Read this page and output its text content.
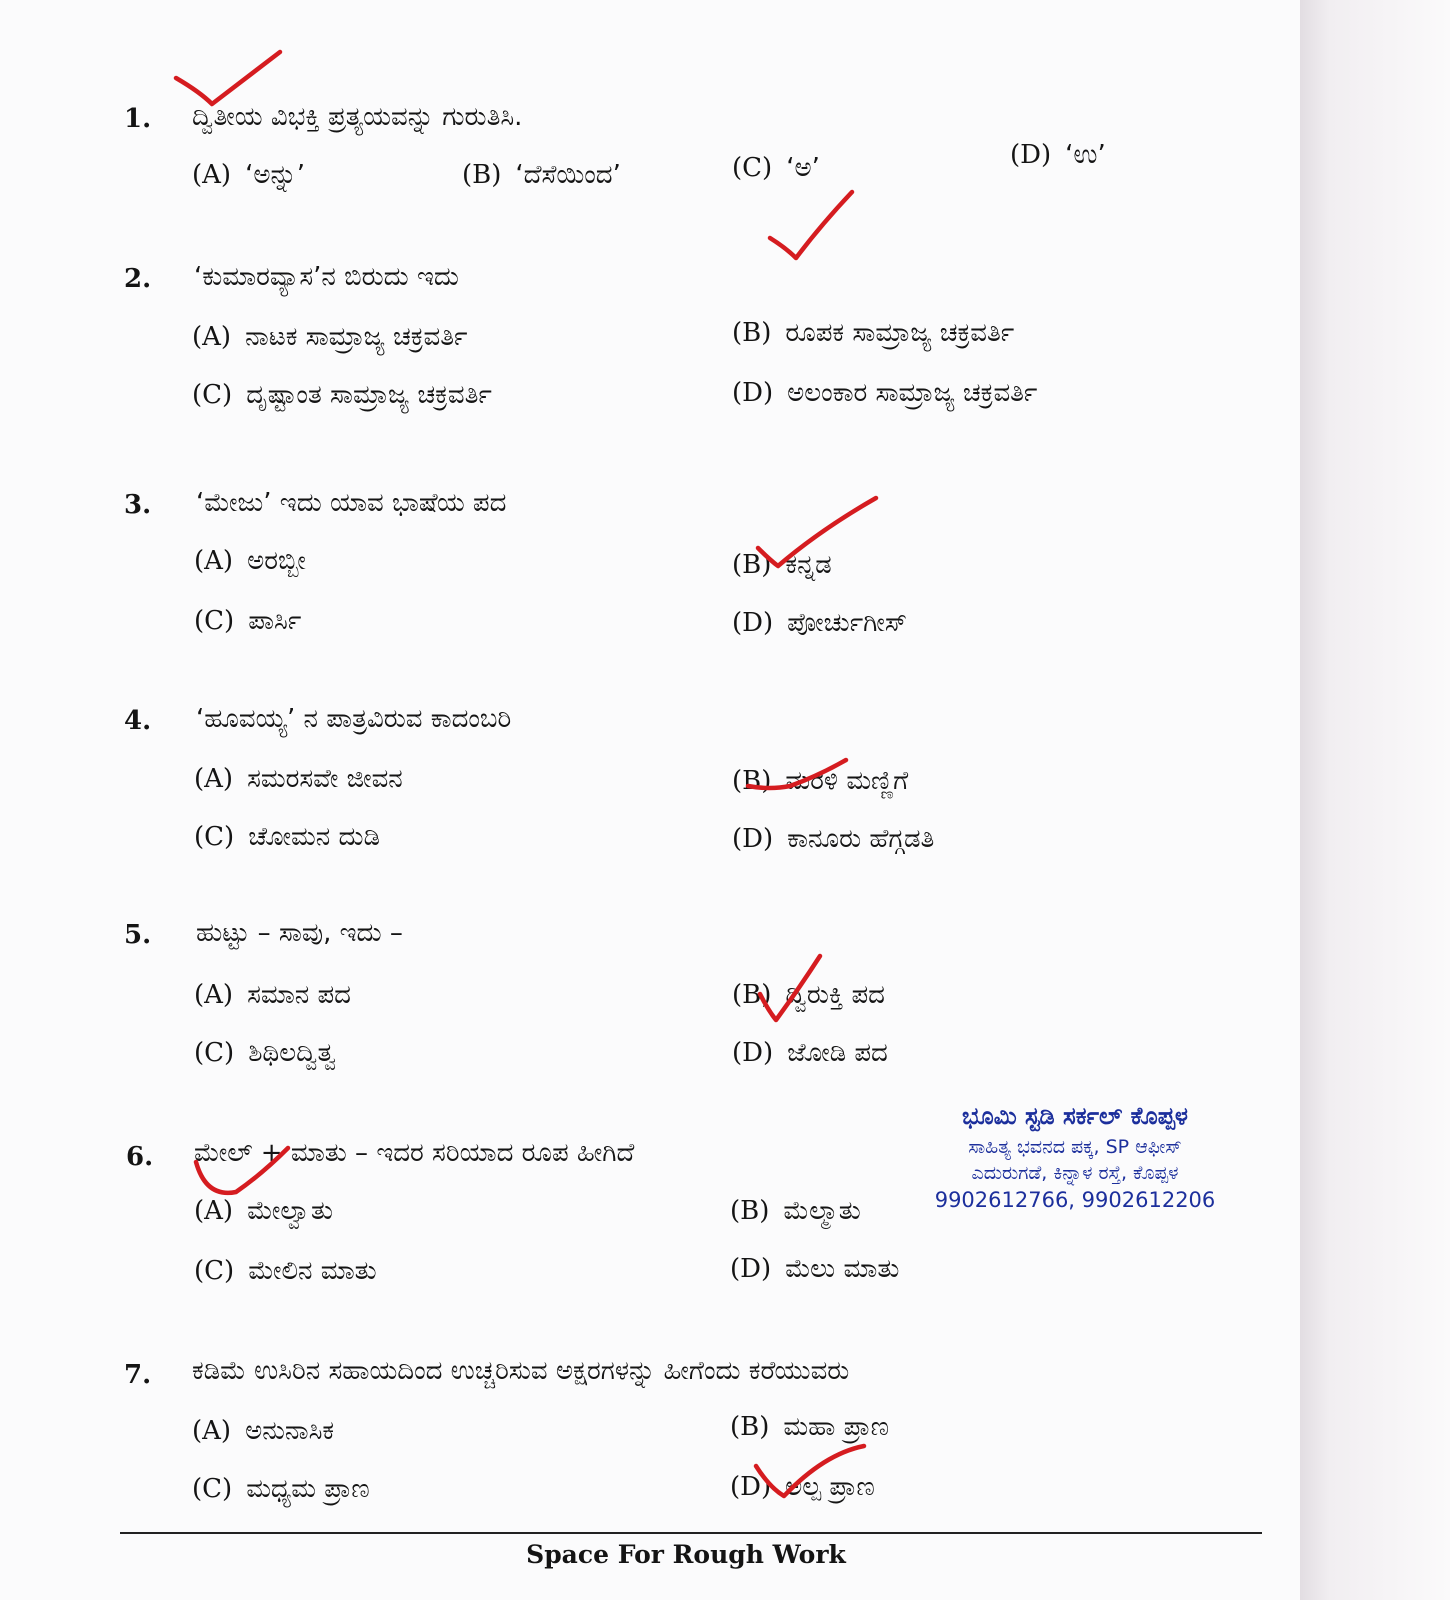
1. ದ್ವಿತೀಯ ವಿಭಕ್ತಿ ಪ್ರತ್ಯಯವನ್ನು ಗುರುತಿಸಿ.
(A) ‘ಅನ್ನು’	(B) ‘ದೆಸೆಯಿಂದ’	(C) ‘ಅ’	(D) ‘ಉ’
2. ‘ಕುಮಾರವ್ಯಾಸ’ನ ಬಿರುದು ಇದು
(A) ನಾಟಕ ಸಾಮ್ರಾಜ್ಯ ಚಕ್ರವರ್ತಿ	(B) ರೂಪಕ ಸಾಮ್ರಾಜ್ಯ ಚಕ್ರವರ್ತಿ
(C) ದೃಷ್ಟಾಂತ ಸಾಮ್ರಾಜ್ಯ ಚಕ್ರವರ್ತಿ	(D) ಅಲಂಕಾರ ಸಾಮ್ರಾಜ್ಯ ಚಕ್ರವರ್ತಿ
3. ‘ಮೇಜು’ ಇದು ಯಾವ ಭಾಷೆಯ ಪದ
(A) ಅರಬ್ಬೀ	(B) ಕನ್ನಡ
(C) ಪಾರ್ಸಿ	(D) ಪೋರ್ಚುಗೀಸ್
4. ‘ಹೂವಯ್ಯ’ ನ ಪಾತ್ರವಿರುವ ಕಾದಂಬರಿ
(A) ಸಮರಸವೇ ಜೀವನ	(B) ಮರಳಿ ಮಣ್ಣಿಗೆ
(C) ಚೋಮನ ದುಡಿ	(D) ಕಾನೂರು ಹೆಗ್ಗಡತಿ
5. ಹುಟ್ಟು – ಸಾವು, ಇದು –
(A) ಸಮಾನ ಪದ	(B) ದ್ವಿರುಕ್ತಿ ಪದ
(C) ಶಿಥಿಲದ್ವಿತ್ವ	(D) ಜೋಡಿ ಪದ
6. ಮೇಲ್ + ಮಾತು – ಇದರ ಸರಿಯಾದ ರೂಪ ಹೀಗಿದೆ
(A) ಮೇಲ್ವಾತು	(B) ಮೆಲ್ಮಾತು
(C) ಮೇಲಿನ ಮಾತು	(D) ಮೆಲು ಮಾತು
7. ಕಡಿಮೆ ಉಸಿರಿನ ಸಹಾಯದಿಂದ ಉಚ್ಚರಿಸುವ ಅಕ್ಷರಗಳನ್ನು ಹೀಗೆಂದು ಕರೆಯುವರು
(A) ಅನುನಾಸಿಕ	(B) ಮಹಾ ಪ್ರಾಣ
(C) ಮಧ್ಯಮ ಪ್ರಾಣ	(D) ಅಲ್ಪ ಪ್ರಾಣ
ಭೂಮಿ ಸ್ಟಡಿ ಸರ್ಕಲ್ ಕೊಪ್ಪಳ
ಸಾಹಿತ್ಯ ಭವನದ ಪಕ್ಕ, SP ಆಫೀಸ್
ಎದುರುಗಡೆ, ಕಿನ್ನಾಳ ರಸ್ತೆ, ಕೊಪ್ಪಳ
9902612766, 9902612206
Space For Rough Work
